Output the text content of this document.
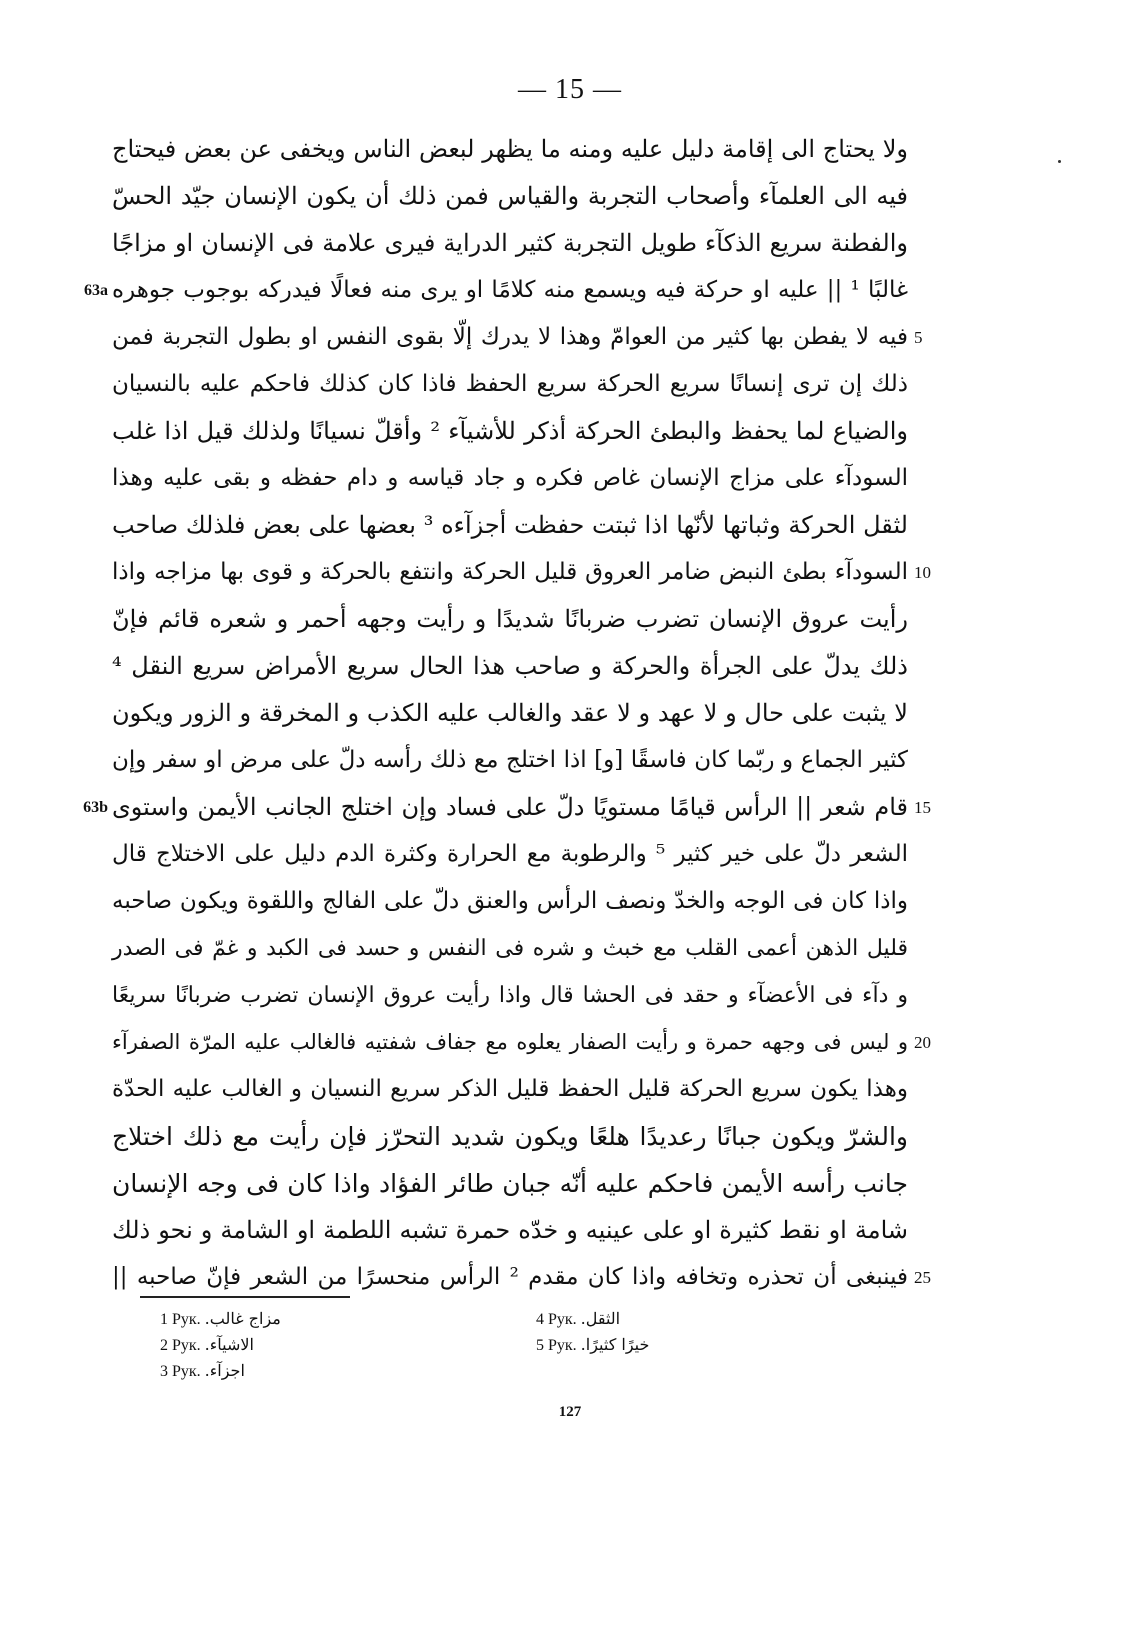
— 15 —
ولا يحتاج الى إقامة دليل عليه ومنه ما يظهر لبعض الناس ويخفى عن بعض فيحتاج
فيه الى العلمآء وأصحاب التجربة والقياس فمن ذلك أن يكون الإنسان جيّد الحسّ
والفطنة سريع الذكآء طويل التجربة كثير الدراية فيرى علامة فى الإنسان او مزاجًا
غالبًا ¹ || عليه او حركة فيه ويسمع منه كلامًا او يرى منه فعالًا فيدركه بوجوب جوهره
63a
فيه لا يفطن بها كثير من العوامّ وهذا لا يدرك إلّا بقوى النفس او بطول التجربة فمن 5
ذلك إن ترى إنسانًا سريع الحركة سريع الحفظ فاذا كان كذلك فاحكم عليه بالنسيان
والضياع لما يحفظ والبطئ الحركة أذكر للأشيآء ² وأقلّ نسيانًا ولذلك قيل اذا غلب
السودآء على مزاج الإنسان غاص فكره و جاد قياسه و دام حفظه و بقى عليه وهذا
لثقل الحركة وثباتها لأنّها اذا ثبتت حفظت أجزآءه ³ بعضها على بعض فلذلك صاحب
السودآء بطئ النبض ضامر العروق قليل الحركة وانتفع بالحركة و قوى بها مزاجه واذا 10
رأيت عروق الإنسان تضرب ضربانًا شديدًا و رأيت وجهه أحمر و شعره قائم فإنّ
ذلك يدلّ على الجرأة والحركة و صاحب هذا الحال سريع الأمراض سريع النقل ⁴
لا يثبت على حال و لا عهد و لا عقد والغالب عليه الكذب و المخرقة و الزور ويكون
كثير الجماع و ربّما كان فاسقًا [و] اذا اختلج مع ذلك رأسه دلّ على مرض او سفر وإن
قام شعر || الرأس قيامًا مستويًا دلّ على فساد وإن اختلج الجانب الأيمن واستوى 15
63b
الشعر دلّ على خير كثير ⁵ والرطوبة مع الحرارة وكثرة الدم دليل على الاختلاج قال
واذا كان فى الوجه والخدّ ونصف الرأس والعنق دلّ على الفالج واللقوة ويكون صاحبه
قليل الذهن أعمى القلب مع خبث و شره فى النفس و حسد فى الكبد و غمّ فى الصدر
و دآء فى الأعضآء و حقد فى الحشا قال واذا رأيت عروق الإنسان تضرب ضربانًا سريعًا
و ليس فى وجهه حمرة و رأيت الصفار يعلوه مع جفاف شفتيه فالغالب عليه المرّة الصفرآء 20
وهذا يكون سريع الحركة قليل الحفظ قليل الذكر سريع النسيان و الغالب عليه الحدّة
والشرّ ويكون جبانًا رعديدًا هلعًا ويكون شديد التحرّز فإن رأيت مع ذلك اختلاج
جانب رأسه الأيمن فاحكم عليه أنّه جبان طائر الفؤاد واذا كان فى وجه الإنسان
شامة او نقط كثيرة او على عينيه و خدّه حمرة تشبه اللطمة او الشامة و نحو ذلك
فينبغى أن تحذره وتخافه واذا كان مقدم ² الرأس منحسرًا من الشعر فإنّ صاحبه || 25
1 Рук. مزاج غالب.
2 Рук. الاشيآء.
3 Рук. اجزآء.
4 Рук. الثقل.
5 Рук. خيرًا كثيرًا.
127
